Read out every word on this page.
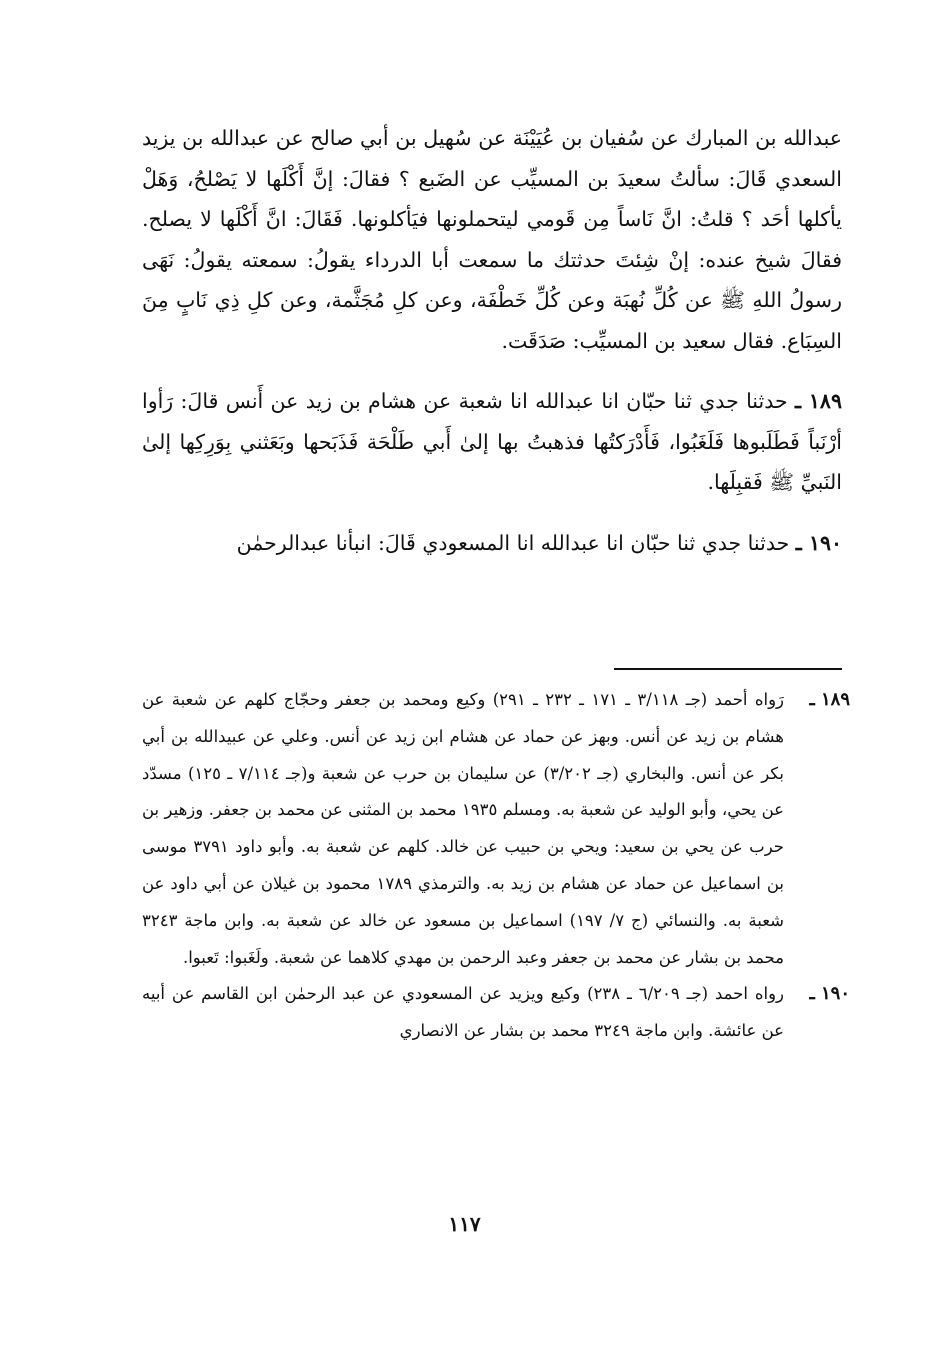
عبدالله بن المبارك عن سُفيان بن عُيَيْنَة عن سُهيل بن أبي صالح عن عبدالله بن يزيد السعدي قَالَ: سألتُ سعيدَ بن المسيِّب عن الضَبع ؟ فقالَ: إنَّ أَكْلَها لا يَصْلحُ، وَهَلْ يأكلها أحَد ؟ قلتُ: انَّ نَاساً مِن قَومي ليتحملونها فيَأكلونها. فَقَالَ: انَّ أَكْلَها لا يصلح. فقالَ شيخ عنده: إنْ شِئتَ حدثتك ما سمعت أبا الدرداء يقولُ: سمعته يقولُ: نَهَى رسولُ اللهِ ﷺ عن كُلِّ نُهبَة وعن كُلِّ خَطْفَة، وعن كلِ مُجَثَّمة، وعن كلِ ذِي نَابٍ مِنَ السِبَاع. فقال سعيد بن المسيِّب: صَدَقَت.

١٨٩ ـ حدثنا جدي ثنا حبّان انا عبدالله انا شعبة عن هشام بن زيد عن أَنس قالَ: رَأوا أرْنَباً فَطَلَبوها فَلَغَبُوا، فَأَدْرَكتُها فذهبتُ بها إلىٰ أَبي طَلْحَة فَذَبَحها وبَعَثني بِوَرِكِها إلىٰ النَبيِّ ﷺ فَقبِلَها.

١٩٠ ـ حدثنا جدي ثنا حبّان انا عبدالله انا المسعودي قَالَ: انبأنا عبدالرحمٰن

١٨٩ ـ
رَواه أحمد (جـ ٣/١١٨ ـ ١٧١ ـ ٢٣٢ ـ ٢٩١) وكيع ومحمد بن جعفر وحجّاج كلهم عن شعبة عن هشام بن زيد عن أنس. وبهز عن حماد عن هشام ابن زيد عن أنس. وعلي عن عبيدالله بن أبي بكر عن أنس. والبخاري (جـ ٣/٢٠٢) عن سليمان بن حرب عن شعبة و(جـ ٧/١١٤ ـ ١٢٥) مسدّد عن يحي، وأبو الوليد عن شعبة به. ومسلم ١٩٣٥ محمد بن المثنى عن محمد بن جعفر. وزهير بن حرب عن يحي بن سعيد: ويحي بن حبيب عن خالد. كلهم عن شعبة به. وأبو داود ٣٧٩١ موسى بن اسماعيل عن حماد عن هشام بن زيد به. والترمذي ١٧٨٩ محمود بن غيلان عن أبي داود عن شعبة به. والنسائي (ج ٧/ ١٩٧) اسماعيل بن مسعود عن خالد عن شعبة به. وابن ماجة ٣٢٤٣ محمد بن بشار عن محمد بن جعفر وعبد الرحمن بن مهدي كلاهما عن شعبة. ولَغَبوا: تَعبوا.
١٩٠ ـ
رواه احمد (جـ ٦/٢٠٩ ـ ٢٣٨) وكيع ويزيد عن المسعودي عن عبد الرحمٰن ابن القاسم عن أبيه عن عائشة. وابن ماجة ٣٢٤٩ محمد بن بشار عن الانصاري
١١٧
